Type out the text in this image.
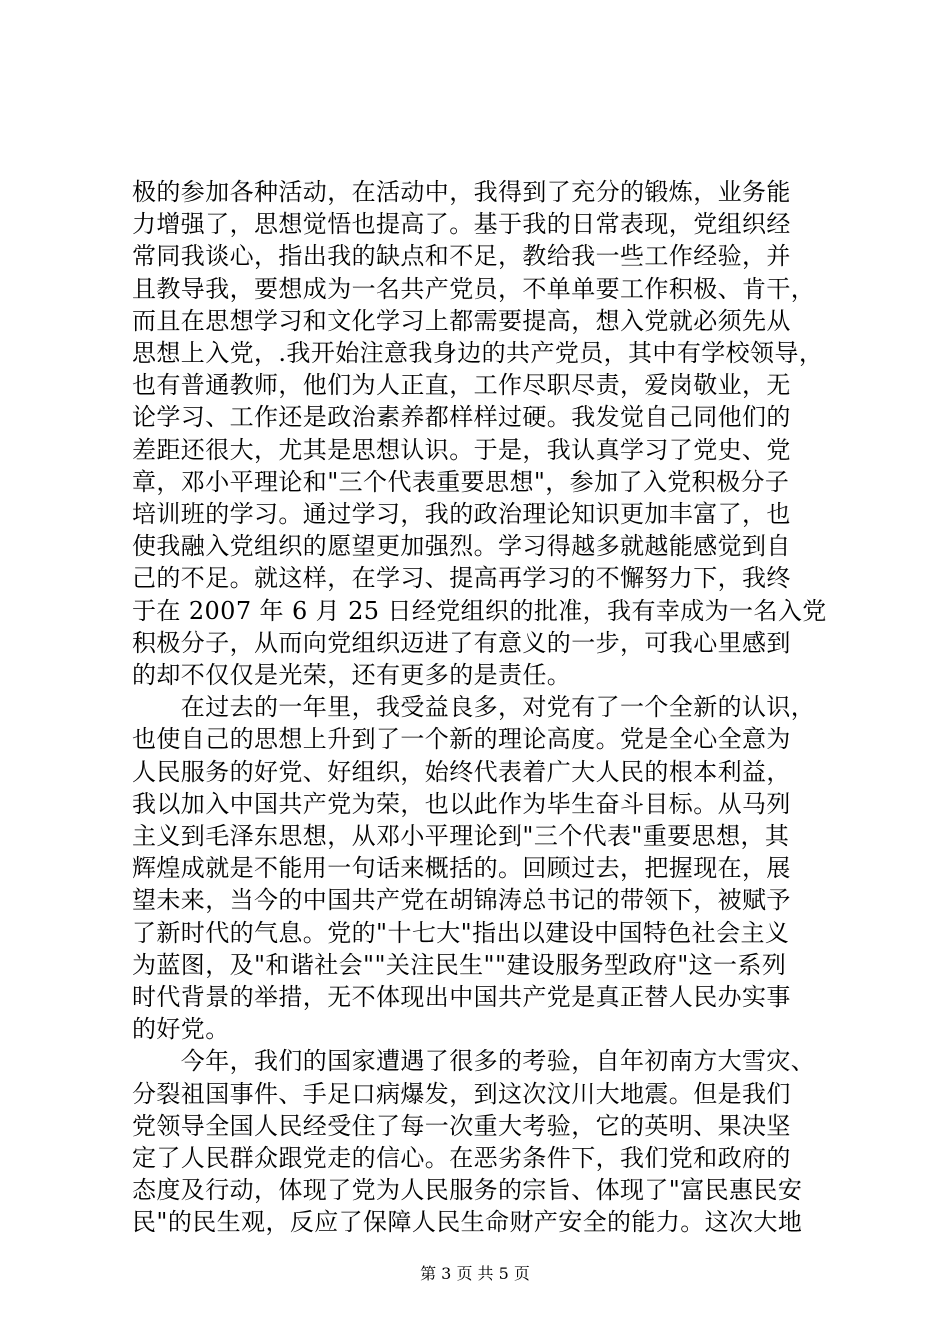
极的参加各种活动，在活动中，我得到了充分的锻炼，业务能
力增强了，思想觉悟也提高了。基于我的日常表现，党组织经
常同我谈心，指出我的缺点和不足，教给我一些工作经验，并
且教导我，要想成为一名共产党员，不单单要工作积极、肯干，
而且在思想学习和文化学习上都需要提高，想入党就必须先从
思想上入党，.我开始注意我身边的共产党员，其中有学校领导，
也有普通教师，他们为人正直，工作尽职尽责，爱岗敬业，无
论学习、工作还是政治素养都样样过硬。我发觉自己同他们的
差距还很大，尤其是思想认识。于是，我认真学习了党史、党
章，邓小平理论和"三个代表重要思想"，参加了入党积极分子
培训班的学习。通过学习，我的政治理论知识更加丰富了，也
使我融入党组织的愿望更加强烈。学习得越多就越能感觉到自
己的不足。就这样，在学习、提高再学习的不懈努力下，我终
于在 2007 年 6 月 25 日经党组织的批准，我有幸成为一名入党
积极分子，从而向党组织迈进了有意义的一步，可我心里感到
的却不仅仅是光荣，还有更多的是责任。
　　在过去的一年里，我受益良多，对党有了一个全新的认识，
也使自己的思想上升到了一个新的理论高度。党是全心全意为
人民服务的好党、好组织，始终代表着广大人民的根本利益，
我以加入中国共产党为荣，也以此作为毕生奋斗目标。从马列
主义到毛泽东思想，从邓小平理论到"三个代表"重要思想，其
辉煌成就是不能用一句话来概括的。回顾过去，把握现在，展
望未来，当今的中国共产党在胡锦涛总书记的带领下，被赋予
了新时代的气息。党的"十七大"指出以建设中国特色社会主义
为蓝图，及"和谐社会""关注民生""建设服务型政府"这一系列
时代背景的举措，无不体现出中国共产党是真正替人民办实事
的好党。
　　今年，我们的国家遭遇了很多的考验，自年初南方大雪灾、
分裂祖国事件、手足口病爆发，到这次汶川大地震。但是我们
党领导全国人民经受住了每一次重大考验，它的英明、果决坚
定了人民群众跟党走的信心。在恶劣条件下，我们党和政府的
态度及行动，体现了党为人民服务的宗旨、体现了"富民惠民安
民"的民生观，反应了保障人民生命财产安全的能力。这次大地
第 3 页 共 5 页
